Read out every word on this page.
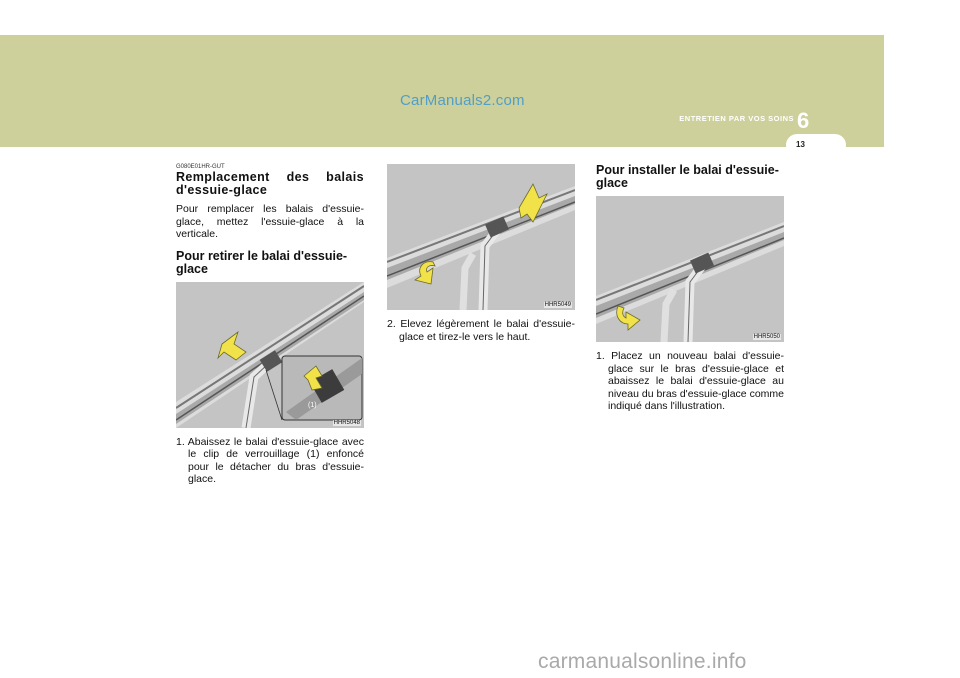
CarManuals2.com
ENTRETIEN PAR VOS SOINS 6
13
G080E01HR-GUT
Remplacement des balais d'essuie-glace

Pour remplacer les balais d'essuie-glace, mettez l'essuie-glace à la verticale.

Pour retirer le balai d'essuie-glace
(1)
HHR5048
1. Abaissez le balai d'essuie-glace avec le clip de verrouillage (1) enfoncé pour le détacher du bras d'essuie-glace.
HHR5049
2. Elevez légèrement le balai d'essuie-glace et tirez-le vers le haut.
Pour installer le balai d'essuie-glace
HHR5050
1. Placez un nouveau balai d'essuie-glace sur le bras d'essuie-glace et abaissez le balai d'essuie-glace au niveau du bras d'essuie-glace comme indiqué dans l'illustration.
carmanualsonline.info
